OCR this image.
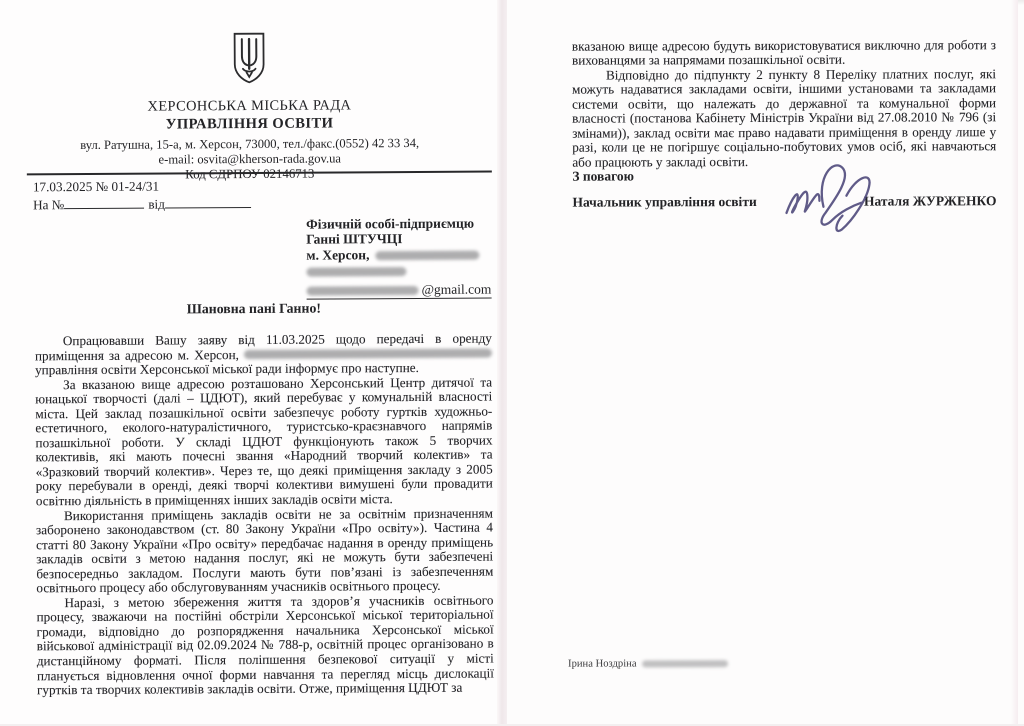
ХЕРСОНСЬКА МІСЬКА РАДА
УПРАВЛІННЯ ОСВІТИ
вул. Ратушна, 15-а, м. Херсон, 73000, тел./факс.(0552) 42 33 34,
e-mail: osvita@kherson-rada.gov.ua
17.03.2025 № 01-24/31
На №	від
Фізичній особі-підприємцю
Ганні ШТУЧЦІ
м. Херсон,
@gmail.com
Шановна пані Ганно!

Опрацювавши Вашу заяву від 11.03.2025 щодо передачі в оренду приміщення за адресою м. Херсон,  управління освіти Херсонської міської ради інформує про наступне.

За вказаною вище адресою розташовано Херсонський Центр дитячої та юнацької творчості (далі – ЦДЮТ), який перебуває у комунальній власності міста. Цей заклад позашкільної освіти забезпечує роботу гуртків художньо-естетичного, еколого-натуралістичного, туристсько-краєзнавчого напрямів позашкільної роботи. У складі ЦДЮТ функціонують також 5 творчих колективів, які мають почесні звання «Народний творчий колектив» та «Зразковий творчий колектив». Через те, що деякі приміщення закладу з 2005 року перебували в оренді, деякі творчі колективи вимушені були провадити освітню діяльність в приміщеннях інших закладів освіти міста.

Використання приміщень закладів освіти не за освітнім призначенням заборонено законодавством (ст. 80 Закону України «Про освіту»). Частина 4 статті 80 Закону України «Про освіту» передбачає надання в оренду приміщень закладів освіти з метою надання послуг, які не можуть бути забезпечені безпосередньо закладом. Послуги мають бути пов’язані із забезпеченням освітнього процесу або обслуговуванням учасників освітнього процесу.

Наразі, з метою збереження життя та здоров’я учасників освітнього процесу, зважаючи на постійні обстріли Херсонської міської територіальної громади, відповідно до розпорядження начальника Херсонської міської військової адміністрації від 02.09.2024 № 788-р, освітній процес організовано в дистанційному форматі. Після поліпшення безпекової ситуації у місті планується відновлення очної форми навчання та перегляд місць дислокації гуртків та творчих колективів закладів освіти. Отже, приміщення ЦДЮТ за

вказаною вище адресою будуть використовуватися виключно для роботи з вихованцями за напрямами позашкільної освіти.

Відповідно до підпункту 2 пункту 8 Переліку платних послуг, які можуть надаватися закладами освіти, іншими установами та закладами системи освіти, що належать до державної та комунальної форми власності (постанова Кабінету Міністрів України від 27.08.2010 № 796 (зі змінами)), заклад освіти має право надавати приміщення в оренду лише у разі, коли це не погіршує соціально-побутових умов осіб, які навчаються або працюють у закладі освіти.

З повагою
Начальник управління освіти	Наталя ЖУРЖЕНКО
Ірина Ноздріна
